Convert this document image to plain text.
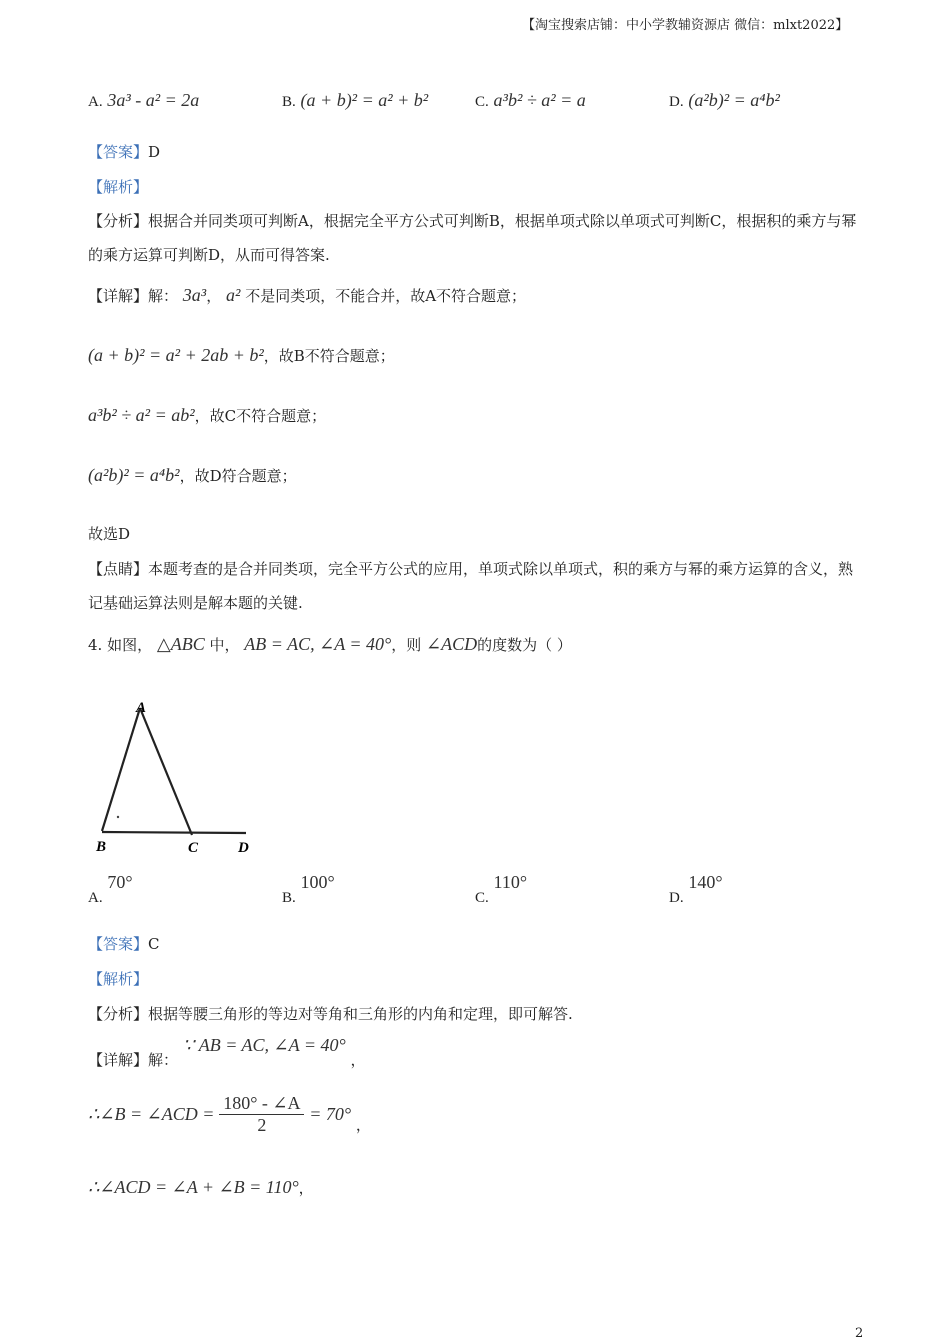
【淘宝搜索店铺：中小学教辅资源店 微信：mlxt2022】
A. 3a³ - a² = 2a	B. (a + b)² = a² + b²	C. a³b² ÷ a² = a	D. (a²b)² = a⁴b²
【答案】D
【解析】
【分析】根据合并同类项可判断A，根据完全平方公式可判断B，根据单项式除以单项式可判断C，根据积的乘方与幂的乘方运算可判断D，从而可得答案.
【详解】解： 3a³， a² 不是同类项，不能合并，故A不符合题意；
(a + b)² = a² + 2ab + b²，故B不符合题意；
a³b² ÷ a² = ab²，故C不符合题意；
(a²b)² = a⁴b²，故D符合题意；
故选D
【点睛】本题考查的是合并同类项，完全平方公式的应用，单项式除以单项式，积的乘方与幂的乘方运算的含义，熟记基础运算法则是解本题的关键.
4. 如图， △ABC 中， AB = AC, ∠A = 40°，则 ∠ACD的度数为（ ）
A
B	C	D
A. 70°
B. 100°
C. 110°
D. 140°
【答案】C
【解析】
【分析】根据等腰三角形的等边对等角和三角形的内角和定理，即可解答.
【详解】解： ∵ AB = AC, ∠A = 40° ，
∴∠B = ∠ACD = $\frac{180^\circ - \angle A}{2} = 70^\circ$ ，
∴∠ACD = ∠A + ∠B = 110°，
2
